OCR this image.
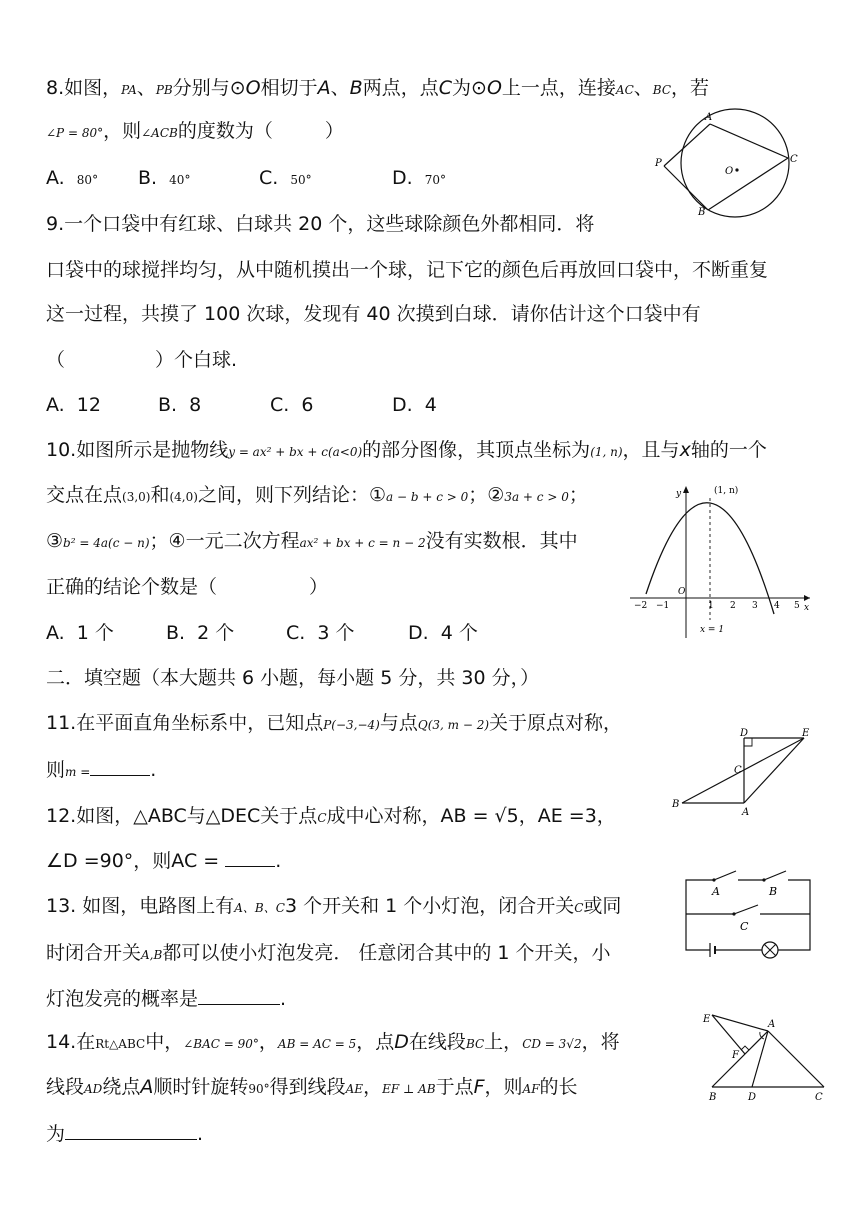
8.如图，PA、PB分别与⊙O相切于A、B两点，点C为⊙O上一点，连接AC、BC，若
∠P = 80°，则∠ACB的度数为（	）
A. 80° B. 40°	C. 50°	D. 70°
A
P
O
C
B
9.一个口袋中有红球、白球共 20 个，这些球除颜色外都相同．将
口袋中的球搅拌均匀，从中随机摸出一个球，记下它的颜色后再放回口袋中，不断重复
这一过程，共摸了 100 次球，发现有 40 次摸到白球．请你估计这个口袋中有
（	）个白球.
A. 12	B. 8	C. 6	D. 4
10.如图所示是抛物线y = ax² + bx + c(a<0)的部分图像，其顶点坐标为(1, n)，且与x轴的一个
交点在点(3,0)和(4,0)之间，则下列结论：①a − b + c > 0；②3a + c > 0；
③b² = 4a(c − n)；④一元二次方程ax² + bx + c = n − 2没有实数根．其中
正确的结论个数是（	）
A. 1 个	B. 2 个	C. 3 个	D. 4 个
y
x
O
(1, n)
x = 1
−2 −1	1 2 3 4 5
二．填空题（本大题共 6 小题，每小题 5 分，共 30 分，）
11.在平面直角坐标系中，已知点P(−3,−4)与点Q(3, m − 2)关于原点对称，
则m =	.
D	E
C
B
A
12.如图，△ABC与△DEC关于点C成中心对称，AB = √5，AE =3，
∠D =90°，则AC =	.
13. 如图，电路图上有A、B、C3 个开关和 1 个小灯泡，闭合开关C或同
时闭合开关A,B都可以使小灯泡发亮． 任意闭合其中的 1 个开关，小
灯泡发亮的概率是	.
A	B
C
14.在Rt△ABC中，∠BAC = 90°，AB = AC = 5，点D在线段BC上，CD = 3√2，将
线段AD绕点A顺时针旋转90°得到线段AE，EF ⊥ AB于点F，则AF的长
为	.
E	A
F
B	D	C
